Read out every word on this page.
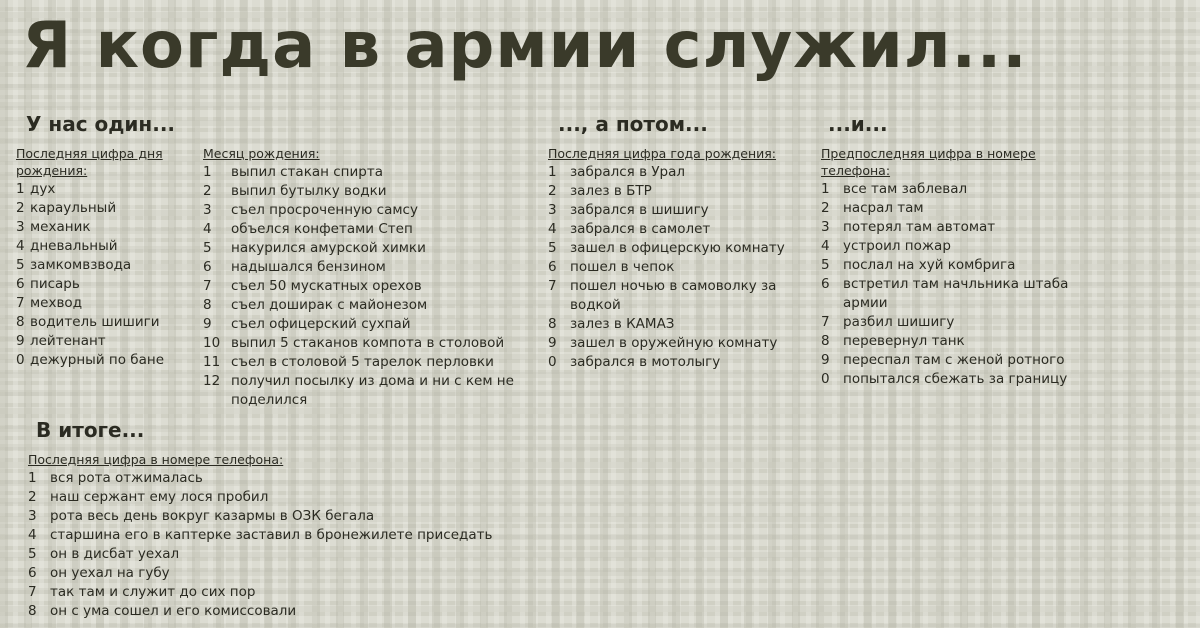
Я когда в армии служил...
У нас один...	..., а потом...	...и...
В итоге...

Последняя цифра дня рождения:

1 дух
2 караульный
3 механик
4 дневальный
5 замкомвзвода
6 писарь
7 мехвод
8 водитель шишиги
9 лейтенант
0 дежурный по бане

Месяц рождения:

1	выпил стакан спирта
2	выпил бутылку водки
3	съел просроченную самсу
4	объелся конфетами Степ
5	накурился амурской химки
6	надышался бензином
7	съел 50 мускатных орехов
8	съел доширак с майонезом
9	съел офицерский сухпай
10 выпил 5 стаканов компота в столовой
11 съел в столовой 5 тарелок перловки
12 получил посылку из дома и ни с кем не поделился

Последняя цифра года рождения:

1 забрался в Урал
2 залез в БТР
3 забрался в шишигу
4 забрался в самолет
5 зашел в офицерскую комнату
6 пошел в чепок
7 пошел ночью в самоволку за водкой
8 залез в КАМАЗ
9 зашел в оружейную комнату
0 забрался в мотолыгу

Предпоследняя цифра в номере телефона:

1 все там заблевал
2 насрал там
3 потерял там автомат
4 устроил пожар
5 послал на хуй комбрига
6 встретил там начльника штаба армии
7 разбил шишигу
8 перевернул танк
9 переспал там с женой ротного
0 попытался сбежать за границу

Последняя цифра в номере телефона:

1 вся рота отжималась
2 наш сержант ему лося пробил
3 рота весь день вокруг казармы в ОЗК бегала
4 старшина его в каптерке заставил в бронежилете приседать
5 он в дисбат уехал
6 он уехал на губу
7 так там и служит до сих пор
8 он с ума сошел и его комиссовали
